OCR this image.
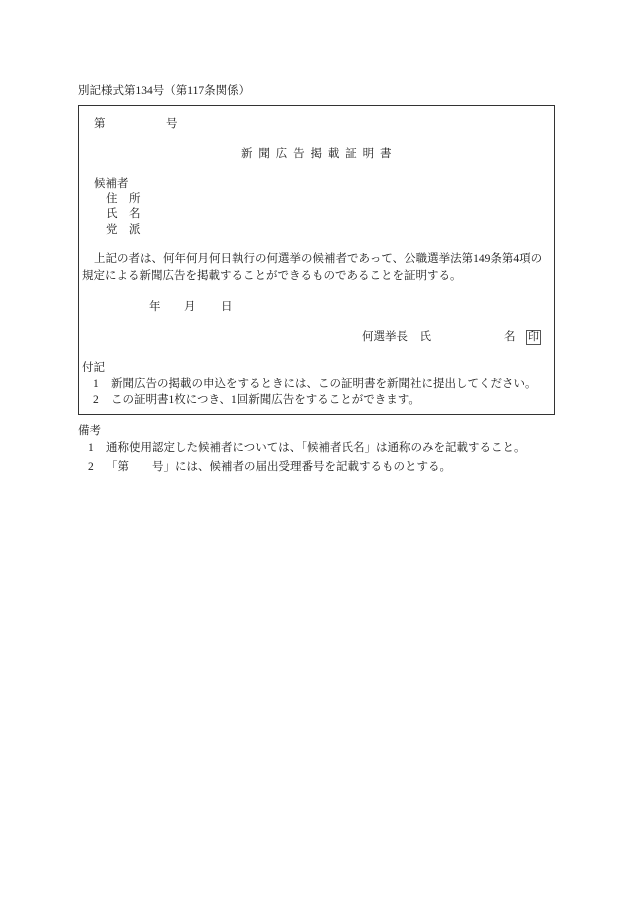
別記様式第134号（第117条関係）
第	号
新 聞 広 告 掲 載 証 明 書
候補者
住　所
氏　名
党　派
上記の者は、何年何月何日執行の何選挙の候補者であって、公職選挙法第149条第4項の
規定による新聞広告を掲載することができるものであることを証明する。
年 月 日
何選挙長　氏	名 印
付記
1 新聞広告の掲載の申込をするときには、この証明書を新聞社に提出してください。
2 この証明書1枚につき、1回新聞広告をすることができます。
備考
1 通称使用認定した候補者については、「候補者氏名」は通称のみを記載すること。
2 「第　　号」には、候補者の届出受理番号を記載するものとする。
